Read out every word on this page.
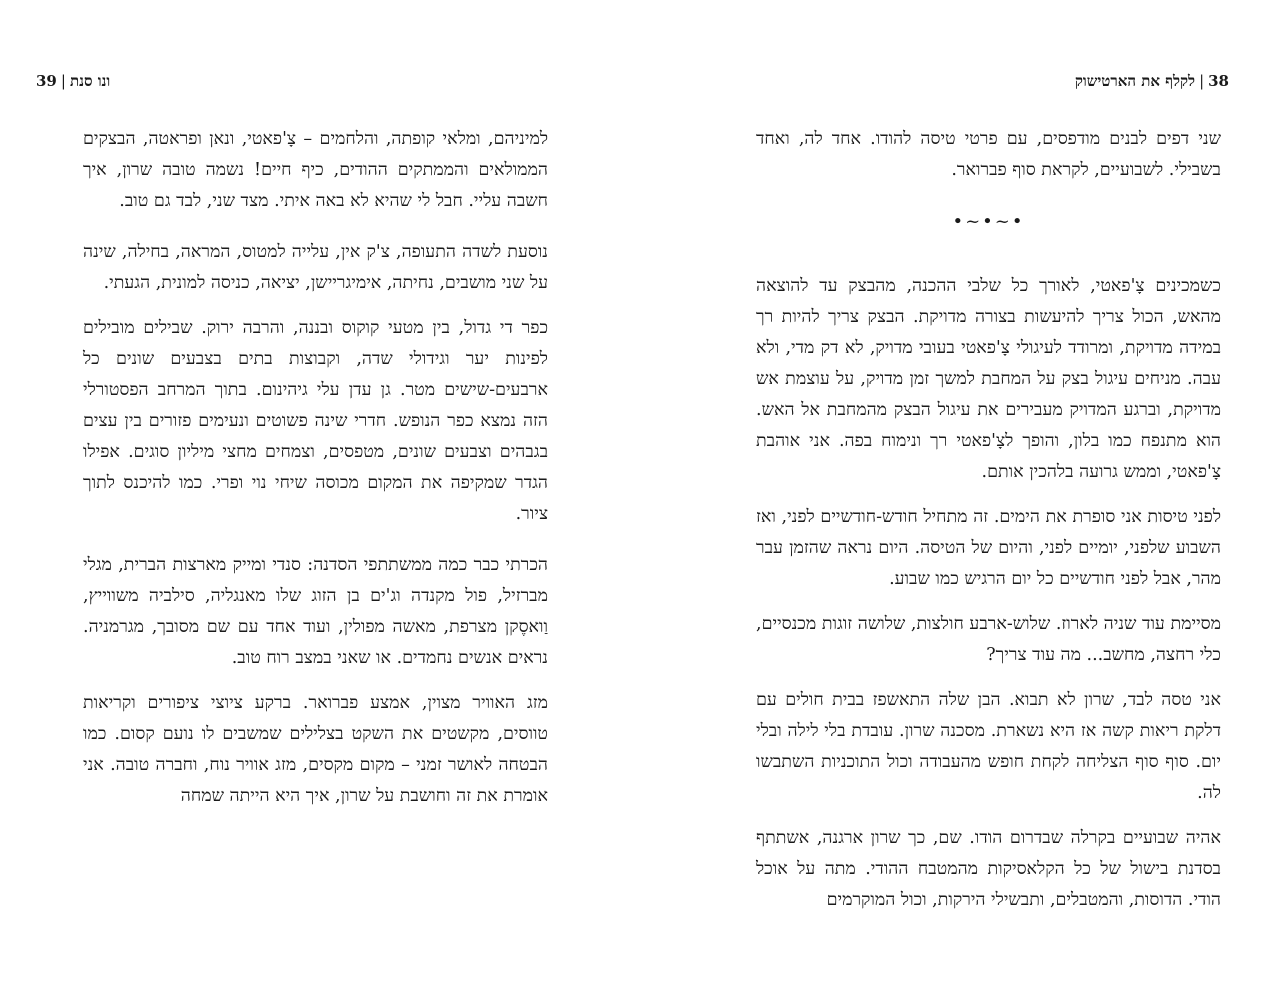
ונו סנת|39

למיניהם, ומלאי קופתה, והלחמים – צָ'פאטי, ונאן ופראטה, הבצקים הממולאים והממתקים ההודים, כיף חיים! נשמה טובה שרון, איך חשבה עליי. חבל לי שהיא לא באה איתי. מצד שני, לבד גם טוב.

נוסעת לשדה התעופה, צ'ק אין, עלייה למטוס, המראה, בחילה, שינה על שני מושבים, נחיתה, אימיגריישן, יציאה, כניסה למונית, הגעתי.

כפר די גדול, בין מטעי קוקוס ובננה, והרבה ירוק. שבילים מובילים לפינות יער וגידולי שדה, וקבוצות בתים בצבעים שונים כל ארבעים-שישים מטר. גן עדן עלי גיהינום. בתוך המרחב הפסטורלי הזה נמצא כפר הנופש. חדרי שינה פשוטים ונעימים פזורים בין עצים בגבהים וצבעים שונים, מטפסים, וצמחים מחצי מיליון סוגים. אפילו הגדר שמקיפה את המקום מכוסה שיחי נוי ופרי. כמו להיכנס לתוך ציור.

הכרתי כבר כמה ממשתתפי הסדנה: סנדי ומייק מארצות הברית, מגלי מברזיל, פול מקנדה וג'ים בן הזוג שלו מאנגליה, סילביה משווייץ, וַואסֶקן מצרפת, מאשה מפולין, ועוד אחד עם שם מסובך, מגרמניה. נראים אנשים נחמדים. או שאני במצב רוח טוב.

מזג האוויר מצוין, אמצע פברואר. ברקע ציוצי ציפורים וקריאות טווסים, מקשטים את השקט בצלילים שמשבים לו נועם קסום. כמו הבטחה לאושר זמני – מקום מקסים, מזג אוויר נוח, וחברה טובה. אני אומרת את זה וחושבת על שרון, איך היא הייתה שמחה

38|לקלף את הארטישוק

שני דפים לבנים מודפסים, עם פרטי טיסה להודו. אחד לה, ואחד בשבילי. לשבועיים, לקראת סוף פברואר.

•~•~•

כשמכינים צָ'פאטי, לאורך כל שלבי ההכנה, מהבצק עד להוצאה מהאש, הכול צריך להיעשות בצורה מדויקת. הבצק צריך להיות רך במידה מדויקת, ומרודד לעיגולי צָ'פאטי בעובי מדויק, לא דק מדי, ולא עבה. מניחים עיגול בצק על המחבת למשך זמן מדויק, על עוצמת אש מדויקת, וברגע המדויק מעבירים את עיגול הבצק מהמחבת אל האש. הוא מתנפח כמו בלון, והופך לצָ'פאטי רך ונימוח בפה. אני אוהבת צָ'פאטי, וממש גרועה בלהכין אותם.

לפני טיסות אני סופרת את הימים. זה מתחיל חודש-חודשיים לפני, ואז השבוע שלפני, יומיים לפני, והיום של הטיסה. היום נראה שהזמן עבר מהר, אבל לפני חודשיים כל יום הרגיש כמו שבוע.

מסיימת עוד שניה לארוז. שלוש-ארבע חולצות, שלושה זוגות מכנסיים, כלי רחצה, מחשב... מה עוד צריך?

אני טסה לבד, שרון לא תבוא. הבן שלה התאשפז בבית חולים עם דלקת ריאות קשה אז היא נשארת. מסכנה שרון. עובדת בלי לילה ובלי יום. סוף סוף הצליחה לקחת חופש מהעבודה וכול התוכניות השתבשו לה.

אהיה שבועיים בקרלה שבדרום הודו. שם, כך שרון ארגנה, אשתתף בסדנת בישול של כל הקלאסיקות מהמטבח ההודי. מתה על אוכל הודי. הדוסות, והמטבלים, ותבשילי הירקות, וכול המוקרמים
